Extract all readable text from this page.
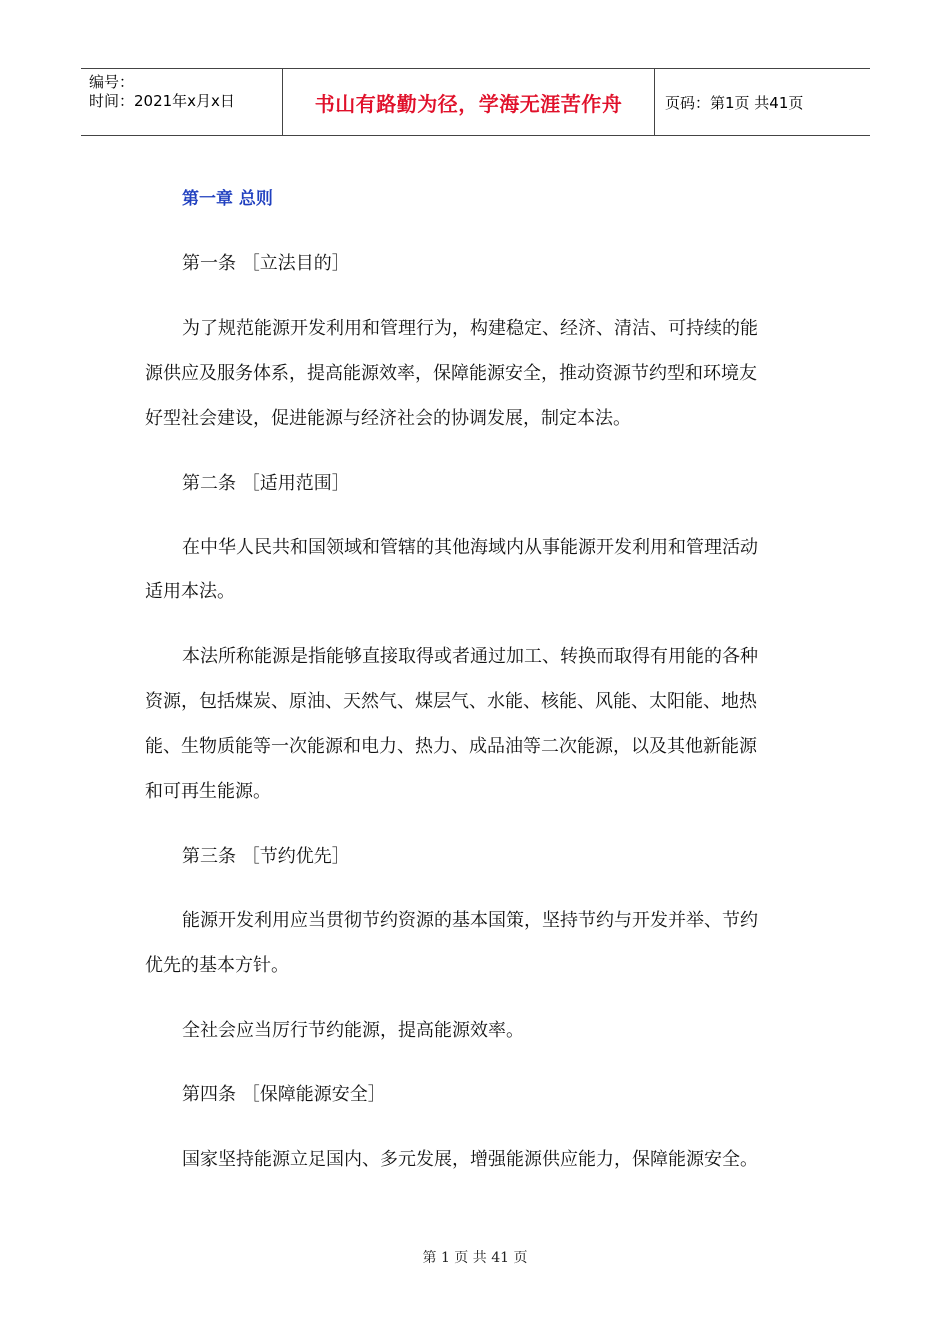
编号：
时间：2021年x月x日	书山有路勤为径，学海无涯苦作舟	页码：第1页 共41页
第一章 总则
第一条 ［立法目的］
为了规范能源开发利用和管理行为，构建稳定、经济、清洁、可持续的能
源供应及服务体系，提高能源效率，保障能源安全，推动资源节约型和环境友
好型社会建设，促进能源与经济社会的协调发展，制定本法。
第二条 ［适用范围］
在中华人民共和国领域和管辖的其他海域内从事能源开发利用和管理活动
适用本法。
本法所称能源是指能够直接取得或者通过加工、转换而取得有用能的各种
资源，包括煤炭、原油、天然气、煤层气、水能、核能、风能、太阳能、地热
能、生物质能等一次能源和电力、热力、成品油等二次能源，以及其他新能源
和可再生能源。
第三条 ［节约优先］
能源开发利用应当贯彻节约资源的基本国策，坚持节约与开发并举、节约
优先的基本方针。
全社会应当厉行节约能源，提高能源效率。
第四条 ［保障能源安全］
国家坚持能源立足国内、多元发展，增强能源供应能力，保障能源安全。
第 1 页 共 41 页
